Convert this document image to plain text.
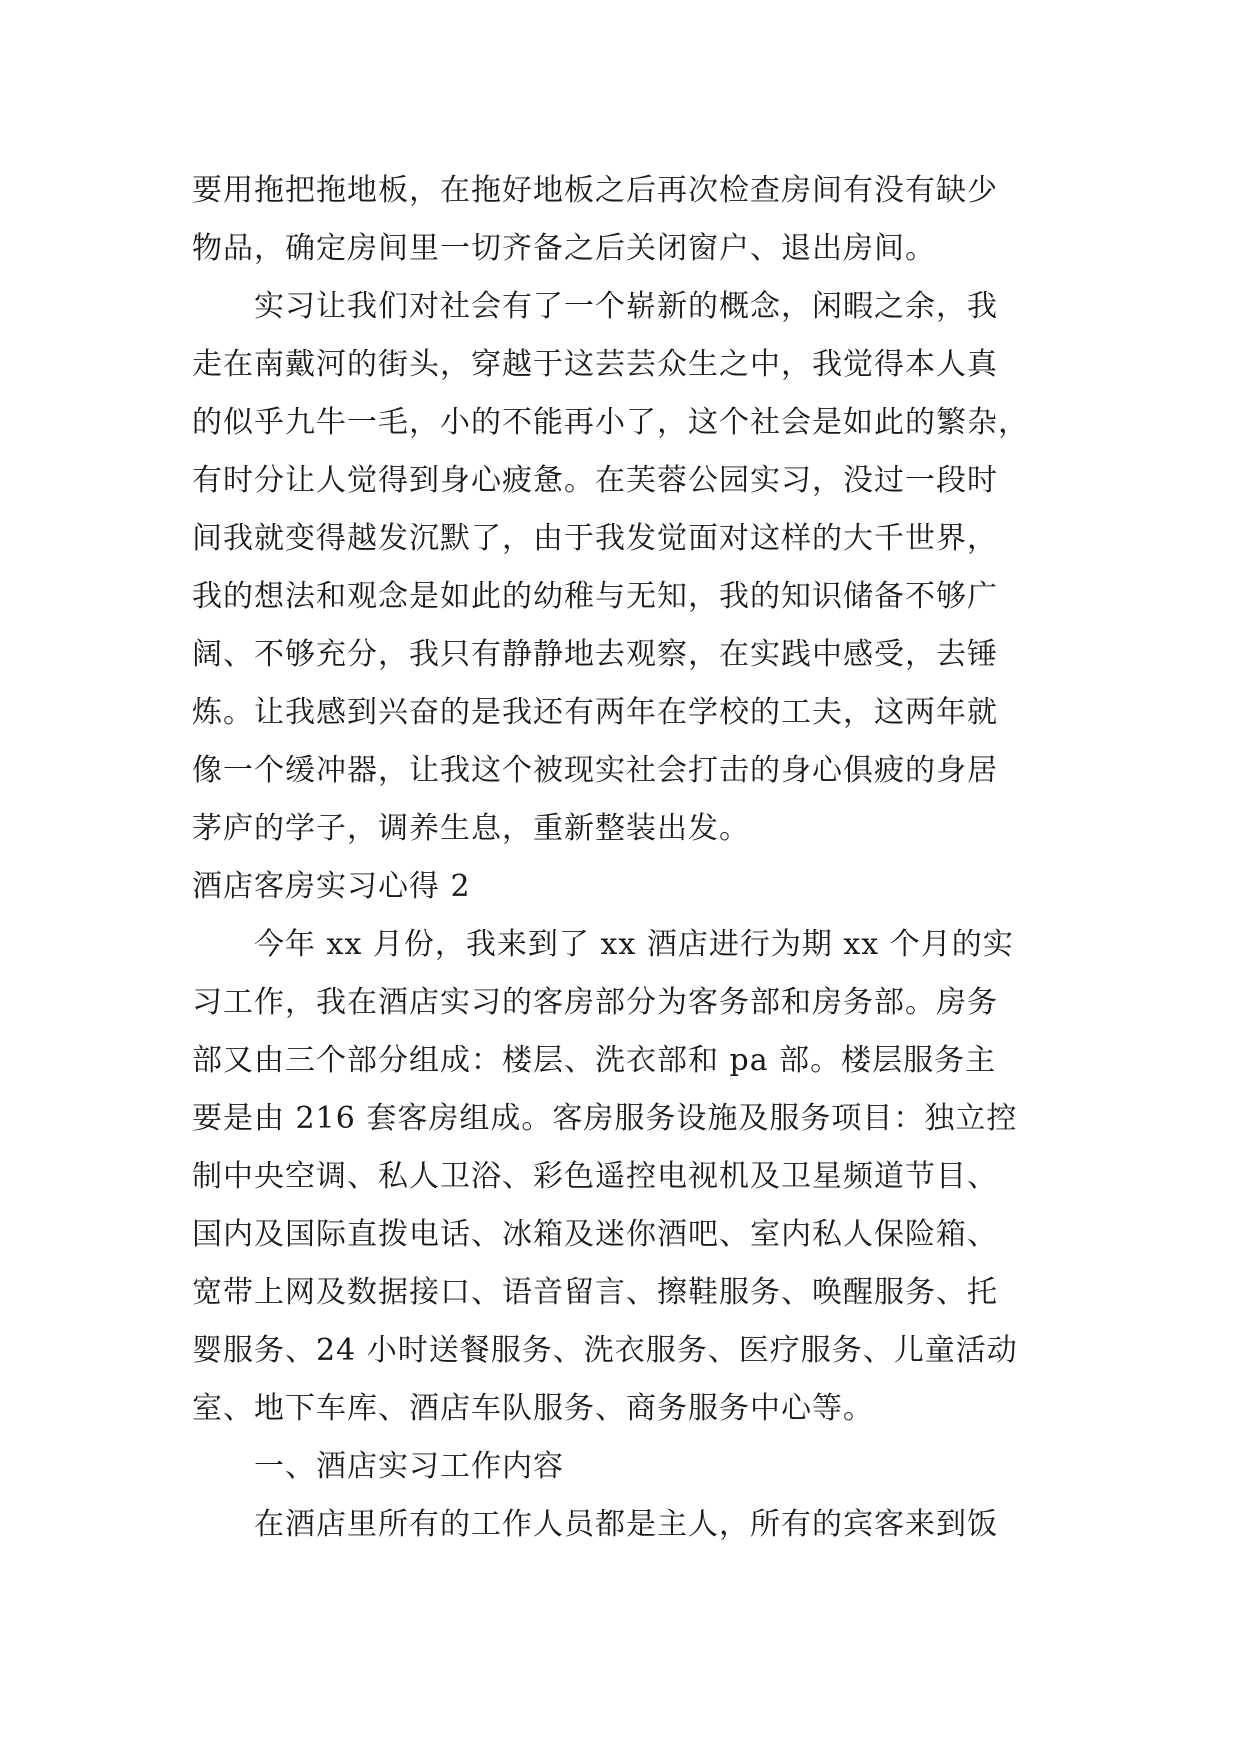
要用拖把拖地板，在拖好地板之后再次检查房间有没有缺少
物品，确定房间里一切齐备之后关闭窗户、退出房间。
实习让我们对社会有了一个崭新的概念，闲暇之余，我
走在南戴河的街头，穿越于这芸芸众生之中，我觉得本人真
的似乎九牛一毛，小的不能再小了，这个社会是如此的繁杂，
有时分让人觉得到身心疲惫。在芙蓉公园实习，没过一段时
间我就变得越发沉默了，由于我发觉面对这样的大千世界，
我的想法和观念是如此的幼稚与无知，我的知识储备不够广
阔、不够充分，我只有静静地去观察，在实践中感受，去锤
炼。让我感到兴奋的是我还有两年在学校的工夫，这两年就
像一个缓冲器，让我这个被现实社会打击的身心俱疲的身居
茅庐的学子，调养生息，重新整装出发。
酒店客房实习心得 2
今年 xx 月份，我来到了 xx 酒店进行为期 xx 个月的实
习工作，我在酒店实习的客房部分为客务部和房务部。房务
部又由三个部分组成：楼层、洗衣部和 pa 部。楼层服务主
要是由 216 套客房组成。客房服务设施及服务项目：独立控
制中央空调、私人卫浴、彩色遥控电视机及卫星频道节目、
国内及国际直拨电话、冰箱及迷你酒吧、室内私人保险箱、
宽带上网及数据接口、语音留言、擦鞋服务、唤醒服务、托
婴服务、24 小时送餐服务、洗衣服务、医疗服务、儿童活动
室、地下车库、酒店车队服务、商务服务中心等。
一、酒店实习工作内容
在酒店里所有的工作人员都是主人，所有的宾客来到饭
